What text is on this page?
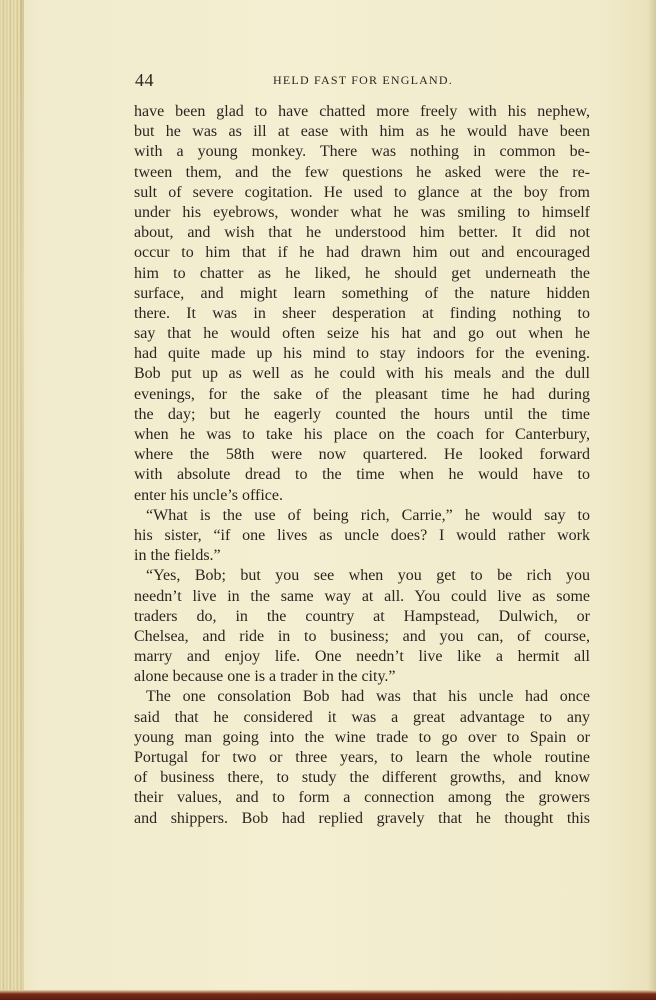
44	HELD FAST FOR ENGLAND.
have been glad to have chatted more freely with his nephew,
but he was as ill at ease with him as he would have been
with a young monkey. There was nothing in common be-
tween them, and the few questions he asked were the re-
sult of severe cogitation. He used to glance at the boy from
under his eyebrows, wonder what he was smiling to himself
about, and wish that he understood him better. It did not
occur to him that if he had drawn him out and encouraged
him to chatter as he liked, he should get underneath the
surface, and might learn something of the nature hidden
there. It was in sheer desperation at finding nothing to
say that he would often seize his hat and go out when he
had quite made up his mind to stay indoors for the evening.
Bob put up as well as he could with his meals and the dull
evenings, for the sake of the pleasant time he had during
the day; but he eagerly counted the hours until the time
when he was to take his place on the coach for Canterbury,
where the 58th were now quartered. He looked forward
with absolute dread to the time when he would have to
enter his uncle’s office.
“What is the use of being rich, Carrie,” he would say to
his sister, “if one lives as uncle does? I would rather work
in the fields.”
“Yes, Bob; but you see when you get to be rich you
needn’t live in the same way at all. You could live as some
traders do, in the country at Hampstead, Dulwich, or
Chelsea, and ride in to business; and you can, of course,
marry and enjoy life. One needn’t live like a hermit all
alone because one is a trader in the city.”
The one consolation Bob had was that his uncle had once
said that he considered it was a great advantage to any
young man going into the wine trade to go over to Spain or
Portugal for two or three years, to learn the whole routine
of business there, to study the different growths, and know
their values, and to form a connection among the growers
and shippers. Bob had replied gravely that he thought this
